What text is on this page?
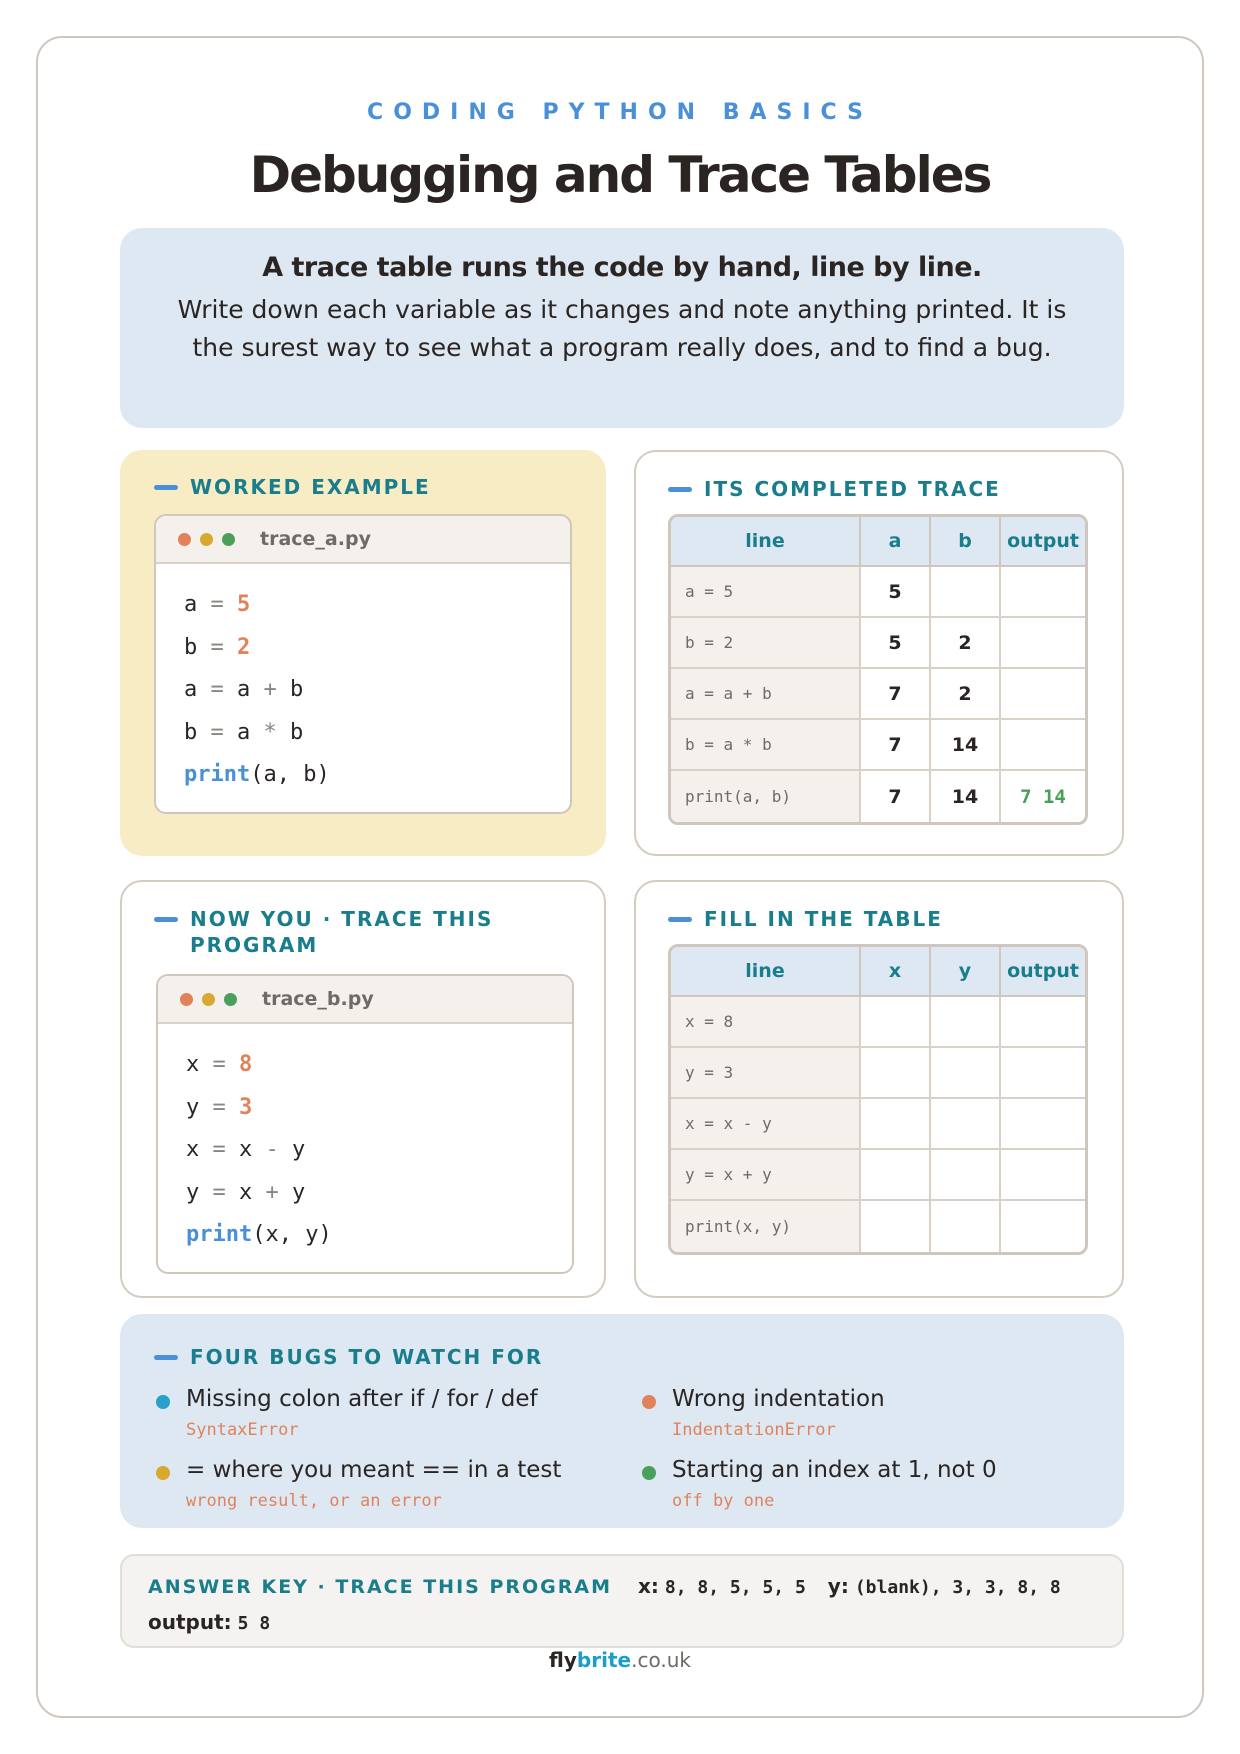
CODING PYTHON BASICS
Debugging and Trace Tables
A trace table runs the code by hand, line by line.
Write down each variable as it changes and note anything printed. It is the surest way to see what a program really does, and to find a bug.
WORKED EXAMPLE
trace_a.py
a = 5
b = 2
a = a + b
b = a * b
print(a, b)
ITS COMPLETED TRACE
line	a	b	output
a = 5	5		
b = 2	5	2	
a = a + b	7	2	
b = a * b	7	14	
print(a, b)	7	14	7 14
NOW YOU · TRACE THIS PROGRAM
trace_b.py
x = 8
y = 3
x = x - y
y = x + y
print(x, y)
FILL IN THE TABLE
line	x	y	output
x = 8			
y = 3			
x = x - y			
y = x + y			
print(x, y)			
FOUR BUGS TO WATCH FOR
Missing colon after if / for / def
SyntaxError
Wrong indentation
IndentationError
= where you meant == in a test
wrong result, or an error
Starting an index at 1, not 0
off by one
ANSWER KEY · TRACE THIS PROGRAM x: 8, 8, 5, 5, 5 y: (blank), 3, 3, 8, 8
output: 5 8
flybrite.co.uk
